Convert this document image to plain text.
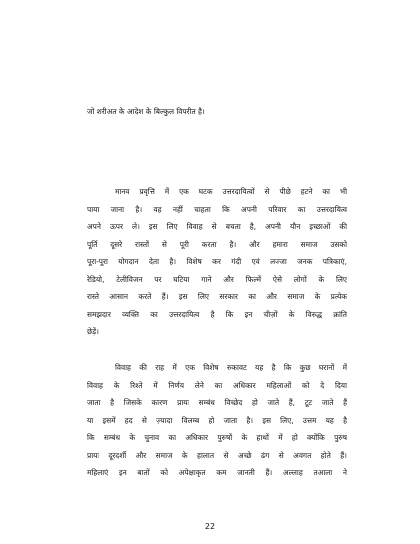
जो शरीअत के आदेश के बिल्कुल विपरीत है।
मानव प्रवृत्ति में एक घटक उत्तरदायित्वों से पीछे हटने का भी
पाया जाना है। वह नहीं चाहता कि अपनी परिवार का उत्तरदायित्व
अपने ऊपर ले। इस लिए विवाह से बचता है, अपनी यौन इच्छाओं की
पूर्ति दूसरे रास्तों से पूरी करता है। और हमारा समाज उसको
पूरा-पूरा योगदान देता है। विशेष कर गंदी एवं लज्जा जनक पत्रिकाएं,
रेडियो, टेलीविजन पर घटिया गाने और फिल्में ऐसे लोगों के लिए
रास्ते आसान करते हैं। इस लिए सरकार का और समाज के प्रत्येक
समझदार व्यक्ति का उत्तरदायित्व है कि इन चीज़ों के विरुद्ध क्रांति
छेड़ें।
विवाह की राह में एक विशेष रुकावट यह है कि कुछ घरानों में
विवाह के रिश्ते में निर्णय लेने का अधिकार महिलाओं को दे दिया
जाता है जिसके कारण प्रायः सम्बंध विच्छेद हो जाते हैं, टूट जाते हैं
या इसमें हद से ज़्यादा विलम्ब हो जाता है। इस लिए, उत्तम यह है
कि सम्बंध के चुनाव का अधिकार पुरुषों के हाथों में हो क्योंकि पुरुष
प्रायः दूरदर्शी और समाज के हालात से अच्छे ढंग से अवगत होते हैं।
महिलाएं इन बातों को अपेक्षाकृत कम जानती हैं। अल्लाह तआला ने
22
